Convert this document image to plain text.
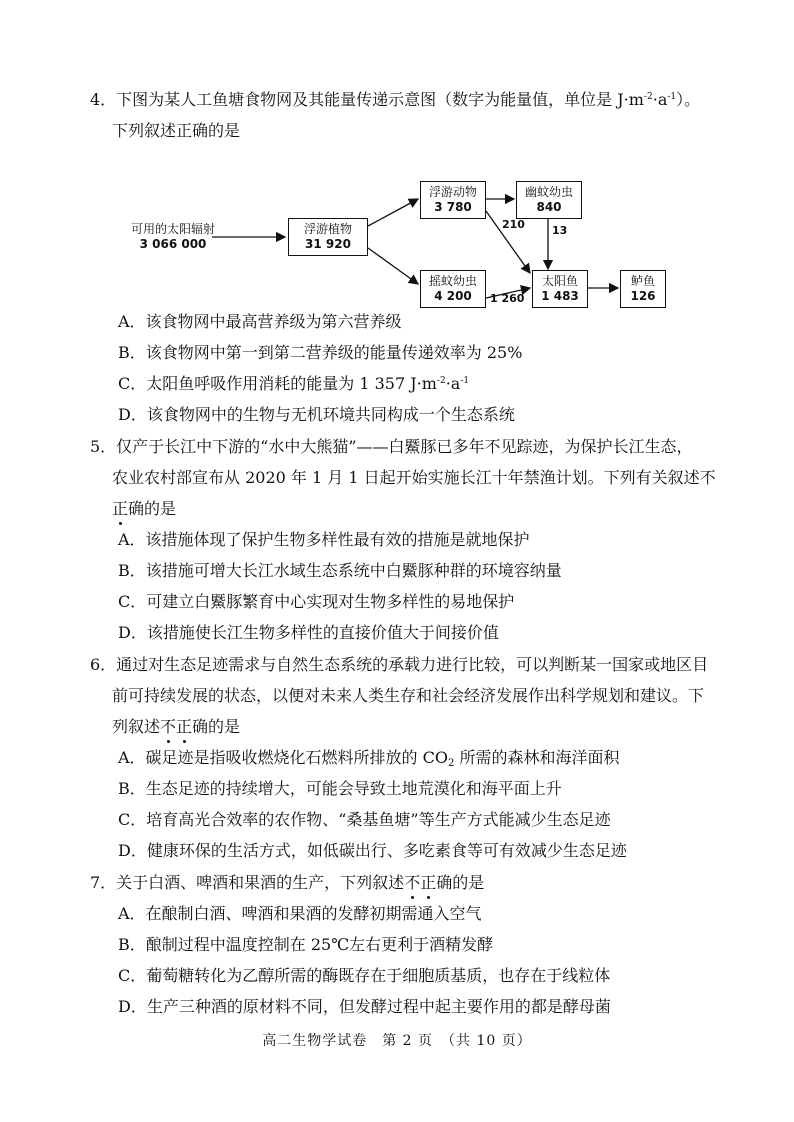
4．下图为某人工鱼塘食物网及其能量传递示意图（数字为能量值，单位是 $J\cdot m^{-2}\cdot a^{-1}$）。
下列叙述正确的是
可用的太阳辐射
3 066 000
浮游植物
31 920
浮游动物
3 780
幽蚊幼虫
840
摇蚊幼虫
4 200
太阳鱼
1 483
鲈鱼
126
210 13
1 260
A．该食物网中最高营养级为第六营养级
B．该食物网中第一到第二营养级的能量传递效率为 25%
C．太阳鱼呼吸作用消耗的能量为 1 357 $J\cdot m^{-2}\cdot a^{-1}$
D．该食物网中的生物与无机环境共同构成一个生态系统
5．仅产于长江中下游的“水中大熊猫”——白鱀豚已多年不见踪迹，为保护长江生态，
农业农村部宣布从 2020 年 1 月 1 日起开始实施长江十年禁渔计划。下列有关叙述不
正确的是
A．该措施体现了保护生物多样性最有效的措施是就地保护
B．该措施可增大长江水域生态系统中白鱀豚种群的环境容纳量
C．可建立白鱀豚繁育中心实现对生物多样性的易地保护
D．该措施使长江生物多样性的直接价值大于间接价值
6．通过对生态足迹需求与自然生态系统的承载力进行比较，可以判断某一国家或地区目
前可持续发展的状态，以便对未来人类生存和社会经济发展作出科学规划和建议。下
列叙述不正确的是
A．碳足迹是指吸收燃烧化石燃料所排放的 $CO_2$ 所需的森林和海洋面积
B．生态足迹的持续增大，可能会导致土地荒漠化和海平面上升
C．培育高光合效率的农作物、“桑基鱼塘”等生产方式能减少生态足迹
D．健康环保的生活方式，如低碳出行、多吃素食等可有效减少生态足迹
7．关于白酒、啤酒和果酒的生产，下列叙述不正确的是
A．在酿制白酒、啤酒和果酒的发酵初期需通入空气
B．酿制过程中温度控制在 25℃左右更利于酒精发酵
C．葡萄糖转化为乙醇所需的酶既存在于细胞质基质，也存在于线粒体
D．生产三种酒的原材料不同，但发酵过程中起主要作用的都是酵母菌
高二生物学试卷　第 2 页　（共 10 页）
